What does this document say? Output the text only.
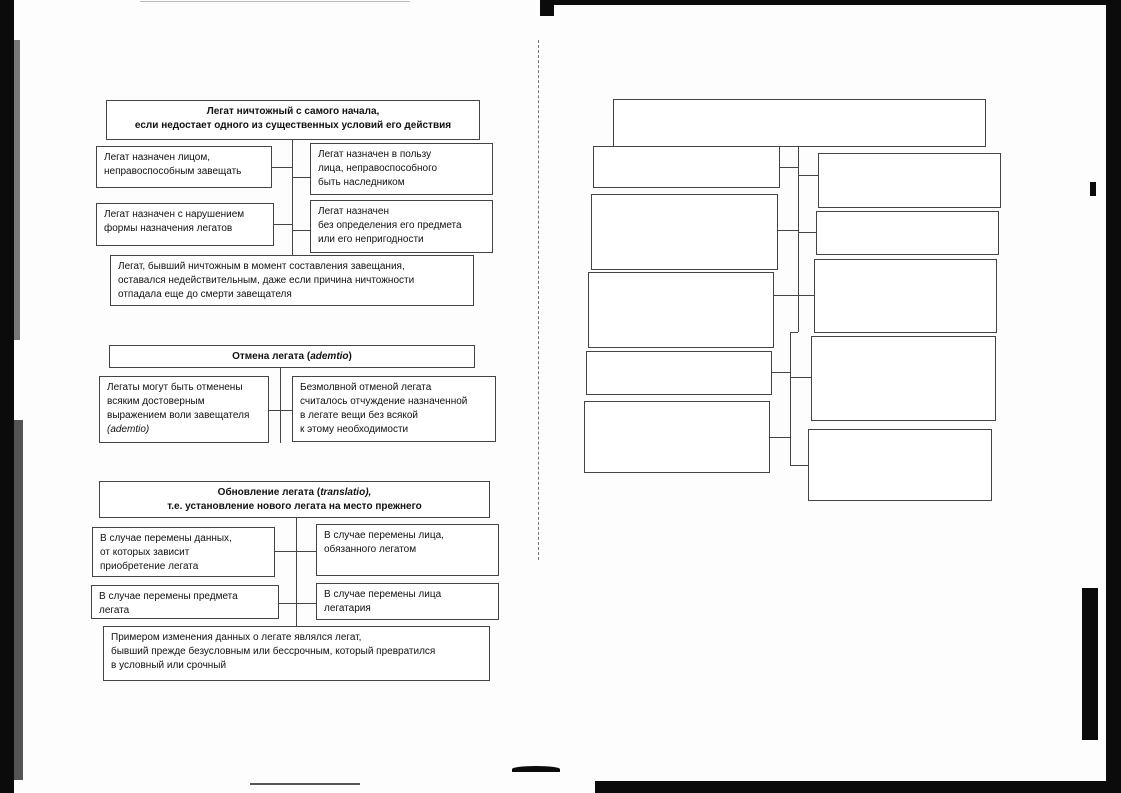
Легат ничтожный с самого начала,
если недостает одного из существенных условий его действия
Легат назначен лицом,
неправоспособным завещать
Легат назначен в пользу
лица, неправоспособного
быть наследником
Легат назначен с нарушением
формы назначения легатов
Легат назначен
без определения его предмета
или его непригодности
Легат, бывший ничтожным в момент составления завещания,
оставался недействительным, даже если причина ничтожности
отпадала еще до смерти завещателя
Отмена легата (ademtio)
Легаты могут быть отменены
всяким достоверным
выражением воли завещателя
(ademtio)
Безмолвной отменой легата
считалось отчуждение назначенной
в легате вещи без всякой
к этому необходимости
Обновление легата (translatio),
т.е. установление нового легата на место прежнего
В случае перемены данных,
от которых зависит
приобретение легата
В случае перемены лица,
обязанного легатом
В случае перемены предмета
легата
В случае перемены лица
легатария
Примером изменения данных о легате являлся легат,
бывший прежде безусловным или бессрочным, который превратился
в условный или срочный
